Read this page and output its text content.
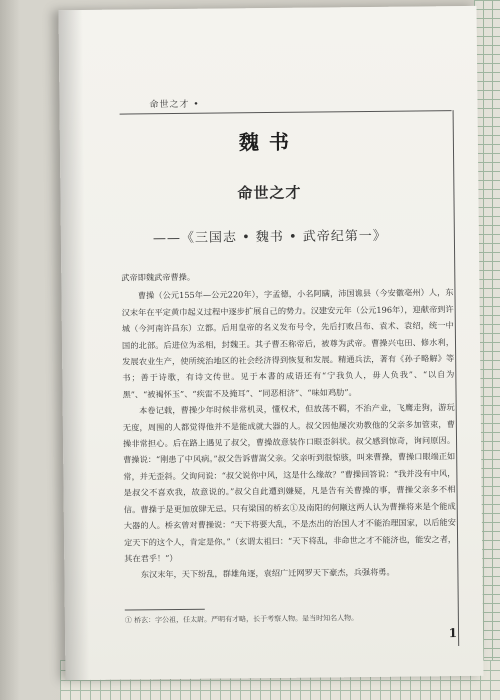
命世之才 •
魏书
命世之才
——《三国志 • 魏书 • 武帝纪第一》

武帝即魏武帝曹操。

曹操（公元155年—公元220年），字孟德，小名阿瞒，沛国谯县（今安徽亳州）人，东汉末年在平定黄巾起义过程中逐步扩展自己的势力。汉建安元年（公元196年），迎献帝到许城（今河南许昌东）立都。后用皇帝的名义发布号令，先后打败吕布、袁术、袁绍，统一中国的北部。后进位为丞相，封魏王。其子曹丕称帝后，被尊为武帝。曹操兴屯田、修水利，发展农业生产，使所统治地区的社会经济得到恢复和发展。精通兵法，著有《孙子略解》等书；善于诗歌，有诗文传世。见于本書的成语还有“宁我负人，毋人负我”、“以自为黑”、“被褐怀玉”、“疾雷不及掩耳”、“同恶相济”、“味如鸡肋”。

本卷记载，曹操少年时候非常机灵，懂权术，但放荡不羁，不治产业，飞鹰走狗，游玩无度，周围的人都觉得他并不是能成就大器的人。叔父因他屡次劝教他的父亲多加管束，曹操非常担心。后在路上遇见了叔父，曹操故意装作口眼歪斜状。叔父感到惊奇，询问原因。曹操说：“刚患了中风病。”叔父告诉曹嵩父亲。父亲听到很惊骇，叫来曹操，曹操口眼端正如常，并无歪斜。父询问说：“叔父说你中风，这是什么缘故？”曹操回答说：“我并没有中风，是叔父不喜欢我，故意说的。”叔父自此遭到嫌疑，凡是告有关曹操的事，曹操父亲多不相信。曹操于是更加放肆无忌。只有梁国的桥玄①及南阳的何颙这两人认为曹操将来是个能成大器的人。桥玄曾对曹操说：“天下将要大乱，不是杰出的治国人才不能治理国家，以后能安定天下的这个人，肯定是你。”（玄谓太祖曰：“天下将乱，非命世之才不能济也，能安之者，其在君乎！”）

东汉末年，天下纷乱，群雄角逐，袁绍广迁网罗天下豪杰，兵强将勇。

① 桥玄：字公祖，任太尉。严明有才略，长于考察人物。是当时知名人物。
1
